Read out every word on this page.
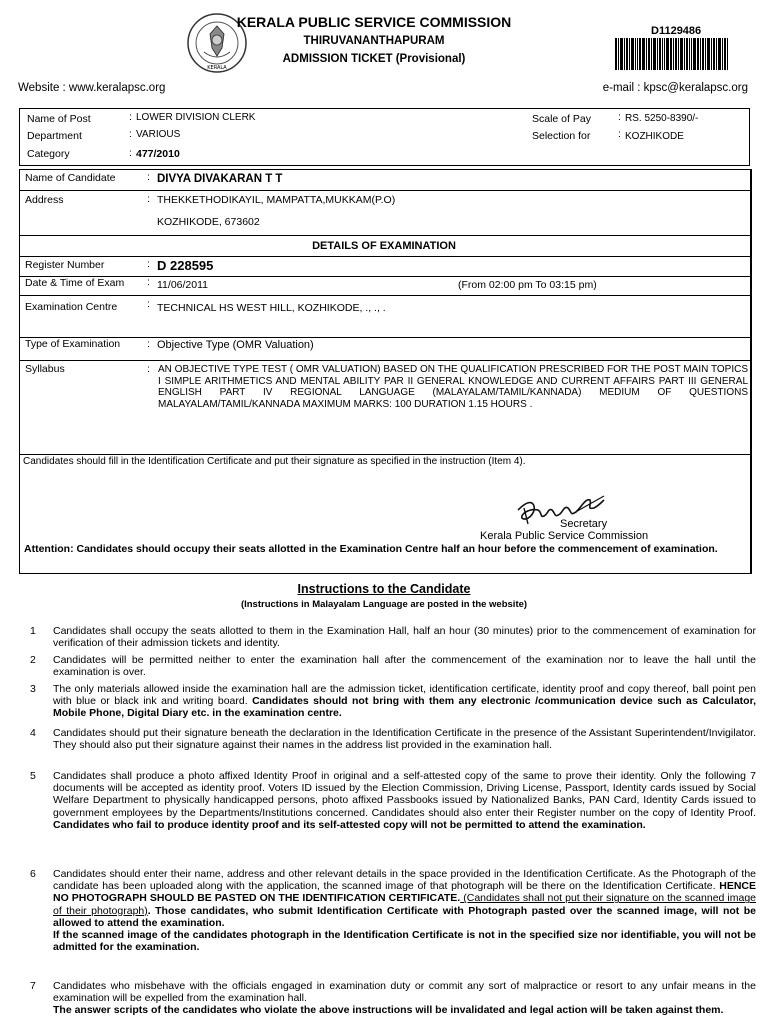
KERALA
KERALA PUBLIC SERVICE COMMISSION
THIRUVANANTHAPURAM
ADMISSION TICKET (Provisional)
D1129486
Website : www.keralapsc.org	e-mail : kpsc@keralapsc.org
Name of Post	: LOWER DIVISION CLERK
Department	: VARIOUS
Category	: 477/2010
Scale of Pay	: RS. 5250-8390/-
Selection for	: KOZHIKODE
Name of Candidate	: DIVYA DIVAKARAN T T
Address	: THEKKETHODIKAYIL, MAMPATTA,MUKKAM(P.O)
KOZHIKODE, 673602
DETAILS OF EXAMINATION
Register Number	: D 228595
Date & Time of Exam : 11/06/2011	(From 02:00 pm To 03:15 pm)
Examination Centre	: TECHNICAL HS WEST HILL, KOZHIKODE, ., ., .
Type of Examination	: Objective Type (OMR Valuation)
Syllabus	: AN OBJECTIVE TYPE TEST ( OMR VALUATION) BASED ON THE QUALIFICATION PRESCRIBED FOR THE POST MAIN TOPICS I SIMPLE ARITHMETICS AND MENTAL ABILITY PAR II GENERAL KNOWLEDGE AND CURRENT AFFAIRS PART III GENERAL ENGLISH PART IV REGIONAL LANGUAGE (MALAYALAM/TAMIL/KANNADA) MEDIUM OF QUESTIONS MALAYALAM/TAMIL/KANNADA MAXIMUM MARKS: 100 DURATION 1.15 HOURS .
Candidates should fill in the Identification Certificate and put their signature as specified in the instruction (Item 4).
Secretary
Kerala Public Service Commission
Attention: Candidates should occupy their seats allotted in the Examination Centre half an hour before the commencement of examination.
Instructions to the Candidate
(Instructions in Malayalam Language are posted in the website)
1 Candidates shall occupy the seats allotted to them in the Examination Hall, half an hour (30 minutes) prior to the commencement of examination for verification of their admission tickets and identity.
2 Candidates will be permitted neither to enter the examination hall after the commencement of the examination nor to leave the hall until the examination is over.
3 The only materials allowed inside the examination hall are the admission ticket, identification certificate, identity proof and copy thereof, ball point pen with blue or black ink and writing board. Candidates should not bring with them any electronic /communication device such as Calculator, Mobile Phone, Digital Diary etc. in the examination centre.
4 Candidates should put their signature beneath the declaration in the Identification Certificate in the presence of the Assistant Superintendent/Invigilator. They should also put their signature against their names in the address list provided in the examination hall.
5 Candidates shall produce a photo affixed Identity Proof in original and a self-attested copy of the same to prove their identity. Only the following 7 documents will be accepted as identity proof. Voters ID issued by the Election Commission, Driving License, Passport, Identity cards issued by Social Welfare Department to physically handicapped persons, photo affixed Passbooks issued by Nationalized Banks, PAN Card, Identity Cards issued to government employees by the Departments/Institutions concerned. Candidates should also enter their Register number on the copy of Identity Proof. Candidates who fail to produce identity proof and its self-attested copy will not be permitted to attend the examination.
6 Candidates should enter their name, address and other relevant details in the space provided in the Identification Certificate. As the Photograph of the candidate has been uploaded along with the application, the scanned image of that photograph will be there on the Identification Certificate. HENCE NO PHOTOGRAPH SHOULD BE PASTED ON THE IDENTIFICATION CERTIFICATE. (Candidates shall not put their signature on the scanned image of their photograph). Those candidates, who submit Identification Certificate with Photograph pasted over the scanned image, will not be allowed to attend the examination.
If the scanned image of the candidates photograph in the Identification Certificate is not in the specified size nor identifiable, you will not be admitted for the examination.
7 Candidates who misbehave with the officials engaged in examination duty or commit any sort of malpractice or resort to any unfair means in the examination will be expelled from the examination hall.
The answer scripts of the candidates who violate the above instructions will be invalidated and legal action will be taken against them.
